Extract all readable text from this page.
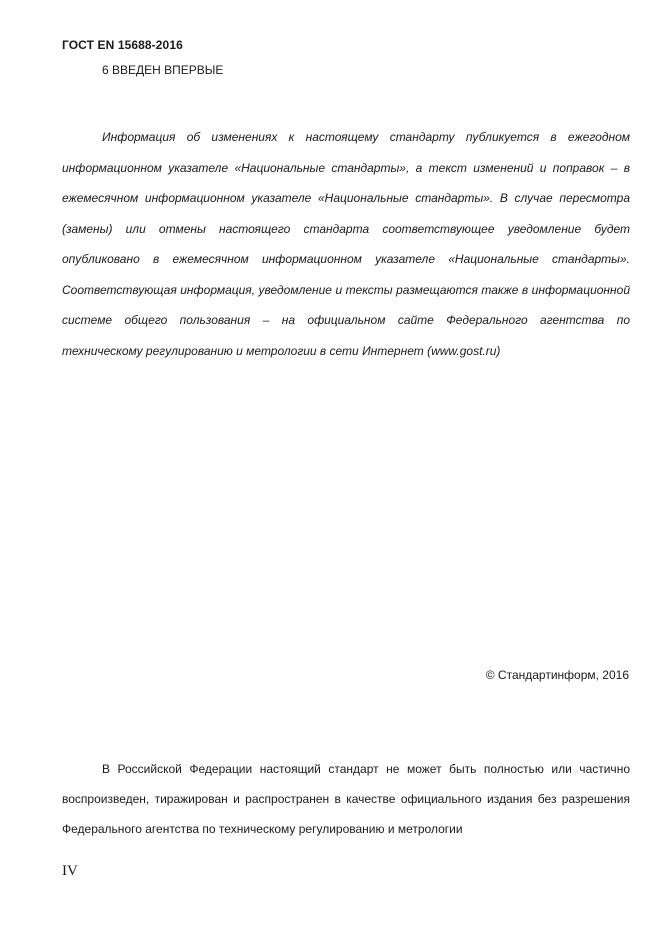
ГОСТ EN 15688-2016
6 ВВЕДЕН ВПЕРВЫЕ

Информация об изменениях к настоящему стандарту публикуется в ежегодном информационном указателе «Национальные стандарты», а текст изменений и поправок – в ежемесячном информационном указателе «Национальные стандарты». В случае пересмотра (замены) или отмены настоящего стандарта соответствующее уведомление будет опубликовано в ежемесячном информационном указателе «Национальные стандарты». Соответствующая информация, уведомление и тексты размещаются также в информационной системе общего пользования – на официальном сайте Федерального агентства по техническому регулированию и метрологии в сети Интернет (www.gost.ru)

© Стандартинформ, 2016

В Российской Федерации настоящий стандарт не может быть полностью или частично воспроизведен, тиражирован и распространен в качестве официального издания без разрешения Федерального агентства по техническому регулированию и метрологии

IV
